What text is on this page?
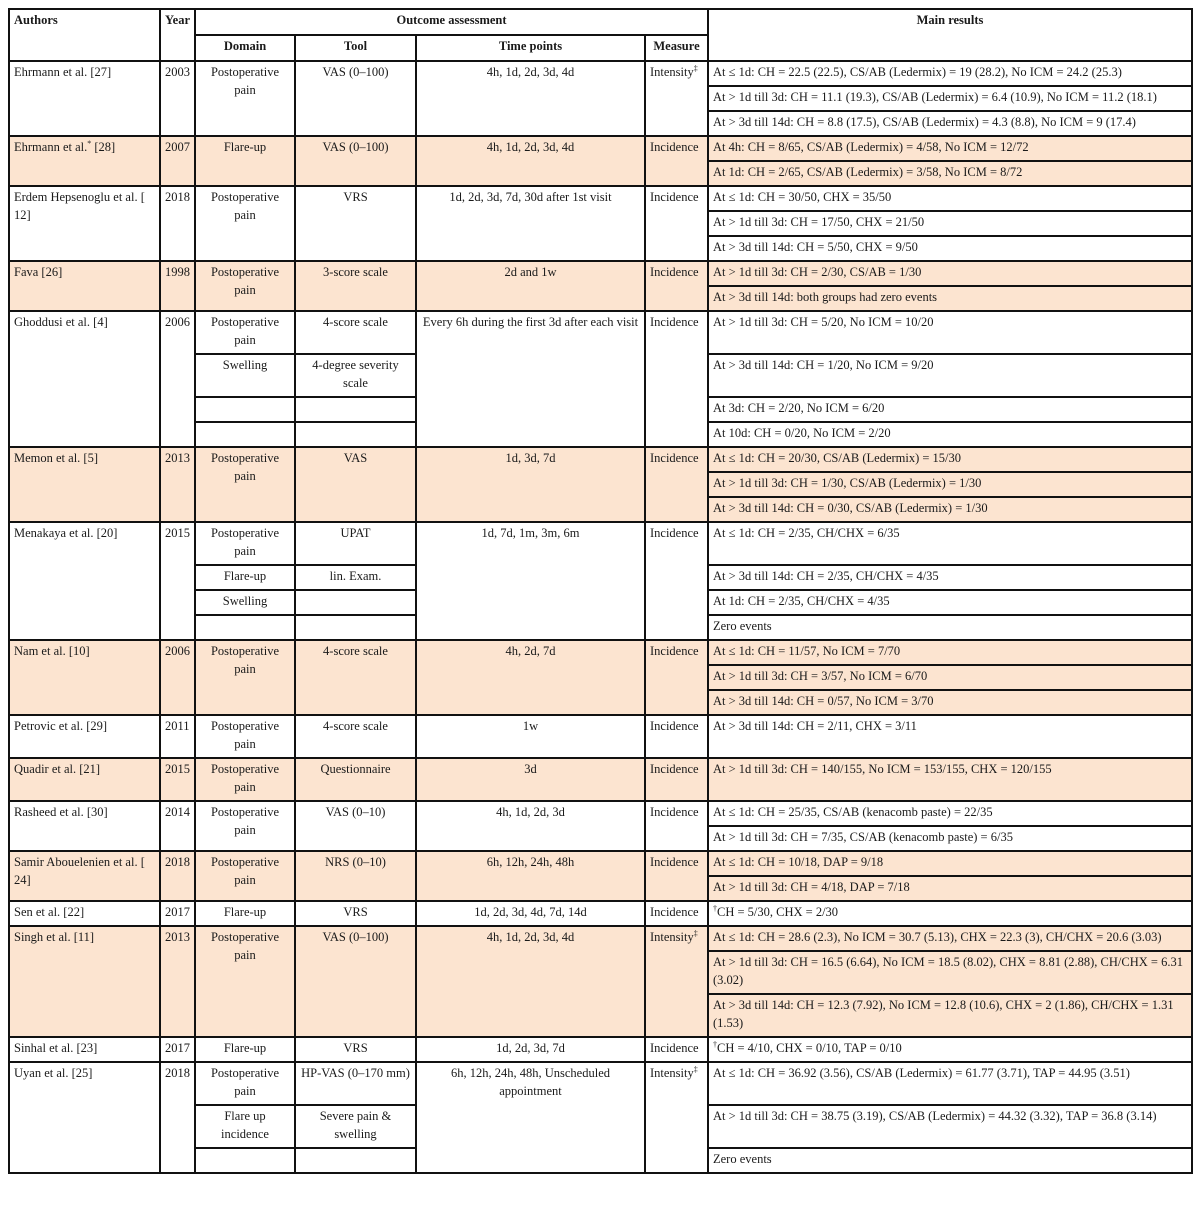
Authors	Year	Outcome assessment				Main results
		Domain	Tool	Time points	Measure	
Ehrmann et al. [27]	2003	Postoperative pain	VAS (0–100)	4h, 1d, 2d, 3d, 4d	Intensity‡	At ≤ 1d: CH = 22.5 (22.5), CS/AB (Ledermix) = 19 (28.2), No ICM = 24.2 (25.3)
						At > 1d till 3d: CH = 11.1 (19.3), CS/AB (Ledermix) = 6.4 (10.9), No ICM = 11.2 (18.1)
						At > 3d till 14d: CH = 8.8 (17.5), CS/AB (Ledermix) = 4.3 (8.8), No ICM = 9 (17.4)
Ehrmann et al.* [28]	2007	Flare-up	VAS (0–100)	4h, 1d, 2d, 3d, 4d	Incidence	At 4h: CH = 8/65, CS/AB (Ledermix) = 4/58, No ICM = 12/72
						At 1d: CH = 2/65, CS/AB (Ledermix) = 3/58, No ICM = 8/72
Erdem Hepsenoglu et al. [ 12]	2018	Postoperative pain	VRS	1d, 2d, 3d, 7d, 30d after 1st visit	Incidence	At ≤ 1d: CH = 30/50, CHX = 35/50
						At > 1d till 3d: CH = 17/50, CHX = 21/50
						At > 3d till 14d: CH = 5/50, CHX = 9/50
Fava [26]	1998	Postoperative pain	3-score scale	2d and 1w	Incidence	At > 1d till 3d: CH = 2/30, CS/AB = 1/30
						At > 3d till 14d: both groups had zero events
Ghoddusi et al. [4]	2006	Postoperative pain	4-score scale	Every 6h during the first 3d after each visit	Incidence	At > 1d till 3d: CH = 5/20, No ICM = 10/20
		Swelling	4-degree severity scale			At > 3d till 14d: CH = 1/20, No ICM = 9/20
						At 3d: CH = 2/20, No ICM = 6/20
						At 10d: CH = 0/20, No ICM = 2/20
Memon et al. [5]	2013	Postoperative pain	VAS	1d, 3d, 7d	Incidence	At ≤ 1d: CH = 20/30, CS/AB (Ledermix) = 15/30
						At > 1d till 3d: CH = 1/30, CS/AB (Ledermix) = 1/30
						At > 3d till 14d: CH = 0/30, CS/AB (Ledermix) = 1/30
Menakaya et al. [20]	2015	Postoperative pain	UPAT	1d, 7d, 1m, 3m, 6m	Incidence	At ≤ 1d: CH = 2/35, CH/CHX = 6/35
		Flare-up	lin. Exam.			At > 3d till 14d: CH = 2/35, CH/CHX = 4/35
		Swelling				At 1d: CH = 2/35, CH/CHX = 4/35
						Zero events
Nam et al. [10]	2006	Postoperative pain	4-score scale	4h, 2d, 7d	Incidence	At ≤ 1d: CH = 11/57, No ICM = 7/70
						At > 1d till 3d: CH = 3/57, No ICM = 6/70
						At > 3d till 14d: CH = 0/57, No ICM = 3/70
Petrovic et al. [29]	2011	Postoperative pain	4-score scale	1w	Incidence	At > 3d till 14d: CH = 2/11, CHX = 3/11
Quadir et al. [21]	2015	Postoperative pain	Questionnaire	3d	Incidence	At > 1d till 3d: CH = 140/155, No ICM = 153/155, CHX = 120/155
Rasheed et al. [30]	2014	Postoperative pain	VAS (0–10)	4h, 1d, 2d, 3d	Incidence	At ≤ 1d: CH = 25/35, CS/AB (kenacomb paste) = 22/35
						At > 1d till 3d: CH = 7/35, CS/AB (kenacomb paste) = 6/35
Samir Abouelenien et al. [ 24]	2018	Postoperative pain	NRS (0–10)	6h, 12h, 24h, 48h	Incidence	At ≤ 1d: CH = 10/18, DAP = 9/18
						At > 1d till 3d: CH = 4/18, DAP = 7/18
Sen et al. [22]	2017	Flare-up	VRS	1d, 2d, 3d, 4d, 7d, 14d	Incidence	†CH = 5/30, CHX = 2/30
Singh et al. [11]	2013	Postoperative pain	VAS (0–100)	4h, 1d, 2d, 3d, 4d	Intensity‡	At ≤ 1d: CH = 28.6 (2.3), No ICM = 30.7 (5.13), CHX = 22.3 (3), CH/CHX = 20.6 (3.03)
						At > 1d till 3d: CH = 16.5 (6.64), No ICM = 18.5 (8.02), CHX = 8.81 (2.88), CH/CHX = 6.31 (3.02)
						At > 3d till 14d: CH = 12.3 (7.92), No ICM = 12.8 (10.6), CHX = 2 (1.86), CH/CHX = 1.31 (1.53)
Sinhal et al. [23]	2017	Flare-up	VRS	1d, 2d, 3d, 7d	Incidence	†CH = 4/10, CHX = 0/10, TAP = 0/10
Uyan et al. [25]	2018	Postoperative pain	HP-VAS (0–170 mm)	6h, 12h, 24h, 48h, Unscheduled appointment	Intensity‡	At ≤ 1d: CH = 36.92 (3.56), CS/AB (Ledermix) = 61.77 (3.71), TAP = 44.95 (3.51)
		Flare up incidence	Severe pain & swelling			At > 1d till 3d: CH = 38.75 (3.19), CS/AB (Ledermix) = 44.32 (3.32), TAP = 36.8 (3.14)
						Zero events
